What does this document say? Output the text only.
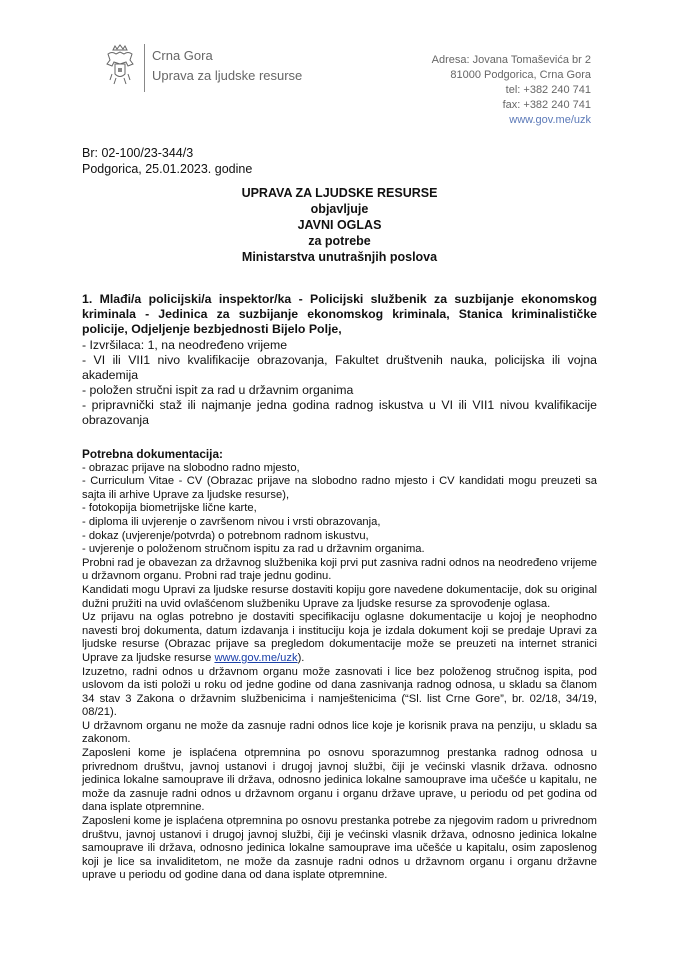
Crna Gora
Uprava za ljudske resurse
Adresa: Jovana Tomaševića br 2
81000 Podgorica, Crna Gora
tel: +382 240 741
fax: +382 240 741
www.gov.me/uzk
Br: 02-100/23-344/3
Podgorica, 25.01.2023. godine
UPRAVA ZA LJUDSKE RESURSE
objavljuje
JAVNI OGLAS
za potrebe
Ministarstva unutrašnjih poslova
1. Mlađi/a policijski/a inspektor/ka - Policijski službenik za suzbijanje ekonomskog kriminala - Jedinica za suzbijanje ekonomskog kriminala, Stanica kriminalističke policije, Odjeljenje bezbjednosti Bijelo Polje,
- Izvršilaca: 1, na neodređeno vrijeme
- VI ili VII1 nivo kvalifikacije obrazovanja, Fakultet društvenih nauka, policijska ili vojna akademija
- položen stručni ispit za rad u državnim organima
- pripravnički staž ili najmanje jedna godina radnog iskustva u VI ili VII1 nivou kvalifikacije obrazovanja
Potrebna dokumentacija:

- obrazac prijave na slobodno radno mjesto,

- Curriculum Vitae - CV (Obrazac prijave na slobodno radno mjesto i CV kandidati mogu preuzeti sa sajta ili arhive Uprave za ljudske resurse),

- fotokopija biometrijske lične karte,

- diploma ili uvjerenje o završenom nivou i vrsti obrazovanja,

- dokaz (uvjerenje/potvrda) o potrebnom radnom iskustvu,

- uvjerenje o položenom stručnom ispitu za rad u državnim organima.

Probni rad je obavezan za državnog službenika koji prvi put zasniva radni odnos na neodređeno vrijeme u državnom organu. Probni rad traje jednu godinu.

Kandidati mogu Upravi za ljudske resurse dostaviti kopiju gore navedene dokumentacije, dok su original dužni pružiti na uvid ovlašćenom službeniku Uprave za ljudske resurse za sprovođenje oglasa.

Uz prijavu na oglas potrebno je dostaviti specifikaciju oglasne dokumentacije u kojoj je neophodno navesti broj dokumenta, datum izdavanja i instituciju koja je izdala dokument koji se predaje Upravi za ljudske resurse (Obrazac prijave sa pregledom dokumentacije može se preuzeti na internet stranici Uprave za ljudske resurse www.gov.me/uzk).

Izuzetno, radni odnos u državnom organu može zasnovati i lice bez položenog stručnog ispita, pod uslovom da isti položi u roku od jedne godine od dana zasnivanja radnog odnosa, u skladu sa članom 34 stav 3 Zakona o državnim službenicima i namještenicima (“Sl. list Crne Gore”, br. 02/18, 34/19, 08/21).

U državnom organu ne može da zasnuje radni odnos lice koje je korisnik prava na penziju, u skladu sa zakonom.

Zaposleni kome je isplaćena otpremnina po osnovu sporazumnog prestanka radnog odnosa u privrednom društvu, javnoj ustanovi i drugoj javnoj službi, čiji je većinski vlasnik država. odnosno jedinica lokalne samouprave ili država, odnosno jedinica lokalne samouprave ima učešće u kapitalu, ne može da zasnuje radni odnos u državnom organu i organu države uprave, u periodu od pet godina od dana isplate otpremnine.

Zaposleni kome je isplaćena otpremnina po osnovu prestanka potrebe za njegovim radom u privrednom društvu, javnoj ustanovi i drugoj javnoj službi, čiji je većinski vlasnik država, odnosno jedinica lokalne samouprave ili država, odnosno jedinica lokalne samouprave ima učešće u kapitalu, osim zaposlenog koji je lice sa invaliditetom, ne može da zasnuje radni odnos u državnom organu i organu državne uprave u periodu od godine dana od dana isplate otpremnine.
